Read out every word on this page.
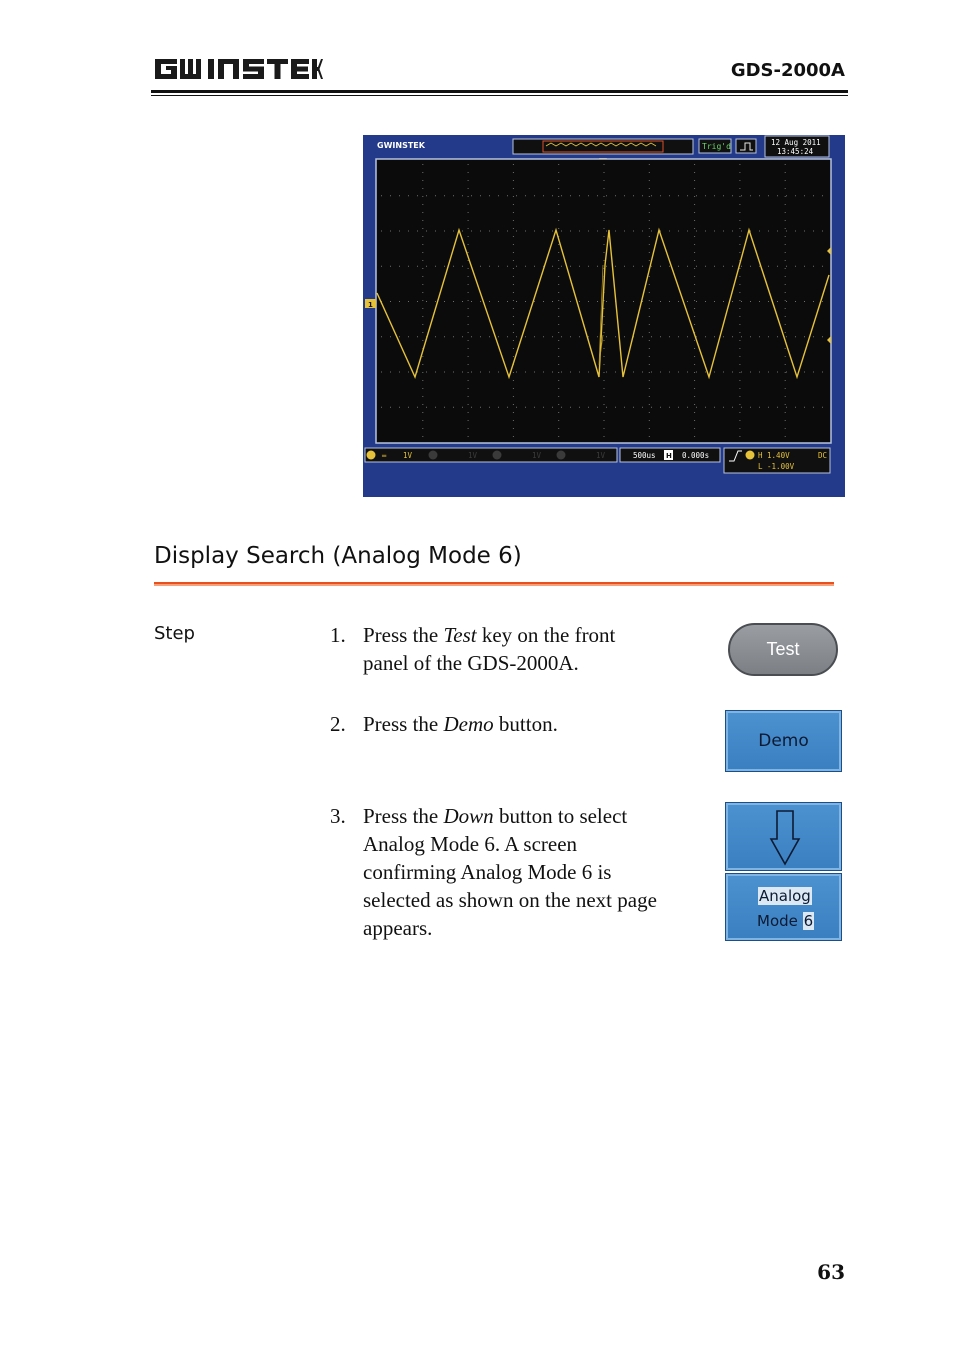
GDS-2000A
GWINSTEK	Trig'd	12 Aug 2011
13:45:24
1
═ 1V	1V	1V	1V	500us H 0.000s	H 1.40V	DC
L -1.00V
Display Search (Analog Mode 6)
Step	1. Press the Test key on the front
panel of the GDS-2000A.
Test
2. Press the Demo button.
Demo
3. Press the Down button to select
Analog Mode 6. A screen
confirming Analog Mode 6 is
selected as shown on the next page
appears.
Analog
Mode 6
63
